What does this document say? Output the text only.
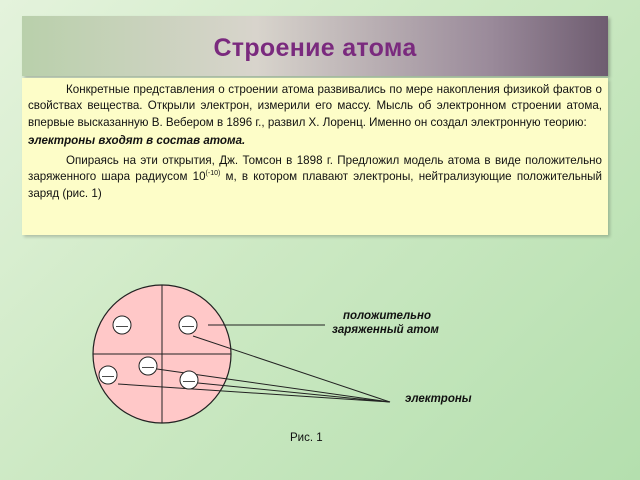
Строение атома

Конкретные представления о строении атома развивались по мере накопления физикой фактов о свойствах вещества. Открыли электрон, измерили его массу. Мысль об электронном строении атома, впервые высказанную В. Вебером в 1896 г., развил Х. Лоренц. Именно он создал электронную теорию:

электроны входят в состав атома.

Опираясь на эти открытия, Дж. Томсон в 1898 г. Предложил модель атома в виде положительно заряженного шара радиусом $10^{(-10)}$ м, в котором плавают электроны, нейтрализующие положительный заряд (рис. 1)

—	—
—
—	—
положительно
заряженный атом
электроны
Рис. 1
